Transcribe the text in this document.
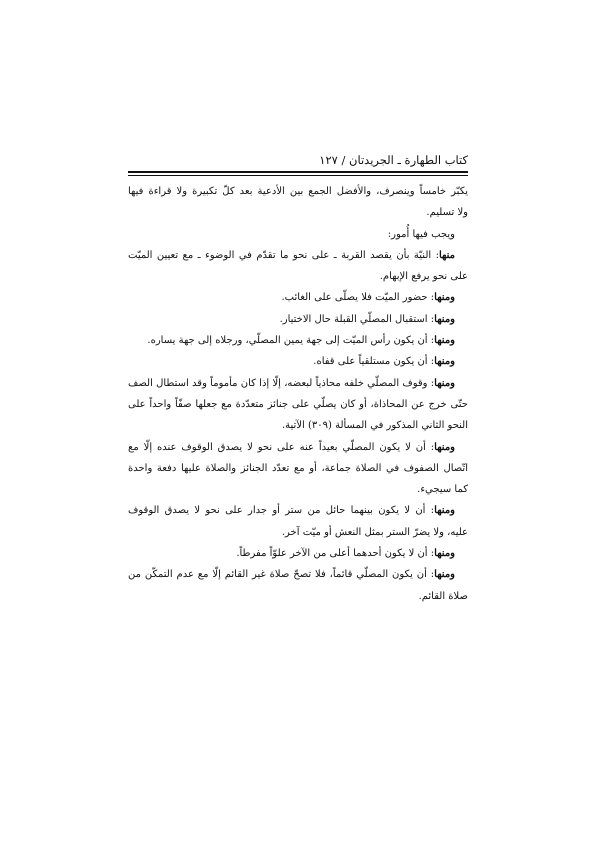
كتاب الطهارة ـ الجريدتان / ١٢٧
يكبّر خامساً وينصرف، والأفضل الجمع بين الأدعية بعد كلّ تكبيرة ولا قراءة فيها
ولا تسليم.
ويجب فيها أُمور:
منها: النيّة بأن يقصد القربة ـ على نحو ما تقدّم في الوضوء ـ مع تعيين الميّت
على نحو يرفع الإبهام.
ومنها: حضور الميّت فلا يصلّى على الغائب.
ومنها: استقبال المصلّي القبلة حال الاختيار.
ومنها: أن يكون رأس الميّت إلى جهة يمين المصلّي، ورجلاه إلى جهة يساره.
ومنها: أن يكون مستلقياً على قفاه.
ومنها: وقوف المصلّي خلفه محاذياً لبعضه، إلّا إذا كان مأموماً وقد استطال الصف
حتّى خرج عن المحاذاة، أو كان يصلّي على جنائز متعدّدة مع جعلها صفّاً واحداً على
النحو الثاني المذكور في المسألة (٣٠٩) الآتية.
ومنها: أن لا يكون المصلّي بعيداً عنه على نحو لا يصدق الوقوف عنده إلّا مع
اتّصال الصفوف في الصلاة جماعة، أو مع تعدّد الجنائز والصلاة عليها دفعة واحدة
كما سيجيء.
ومنها: أن لا يكون بينهما حائل من ستر أو جدار على نحو لا يصدق الوقوف
عليه، ولا يضرّ الستر بمثل النعش أو ميّت آخر.
ومنها: أن لا يكون أحدهما أعلى من الآخر علوّاً مفرطاً.
ومنها: أن يكون المصلّي قائماً، فلا تصحّ صلاة غير القائم إلّا مع عدم التمكّن من
صلاة القائم.
